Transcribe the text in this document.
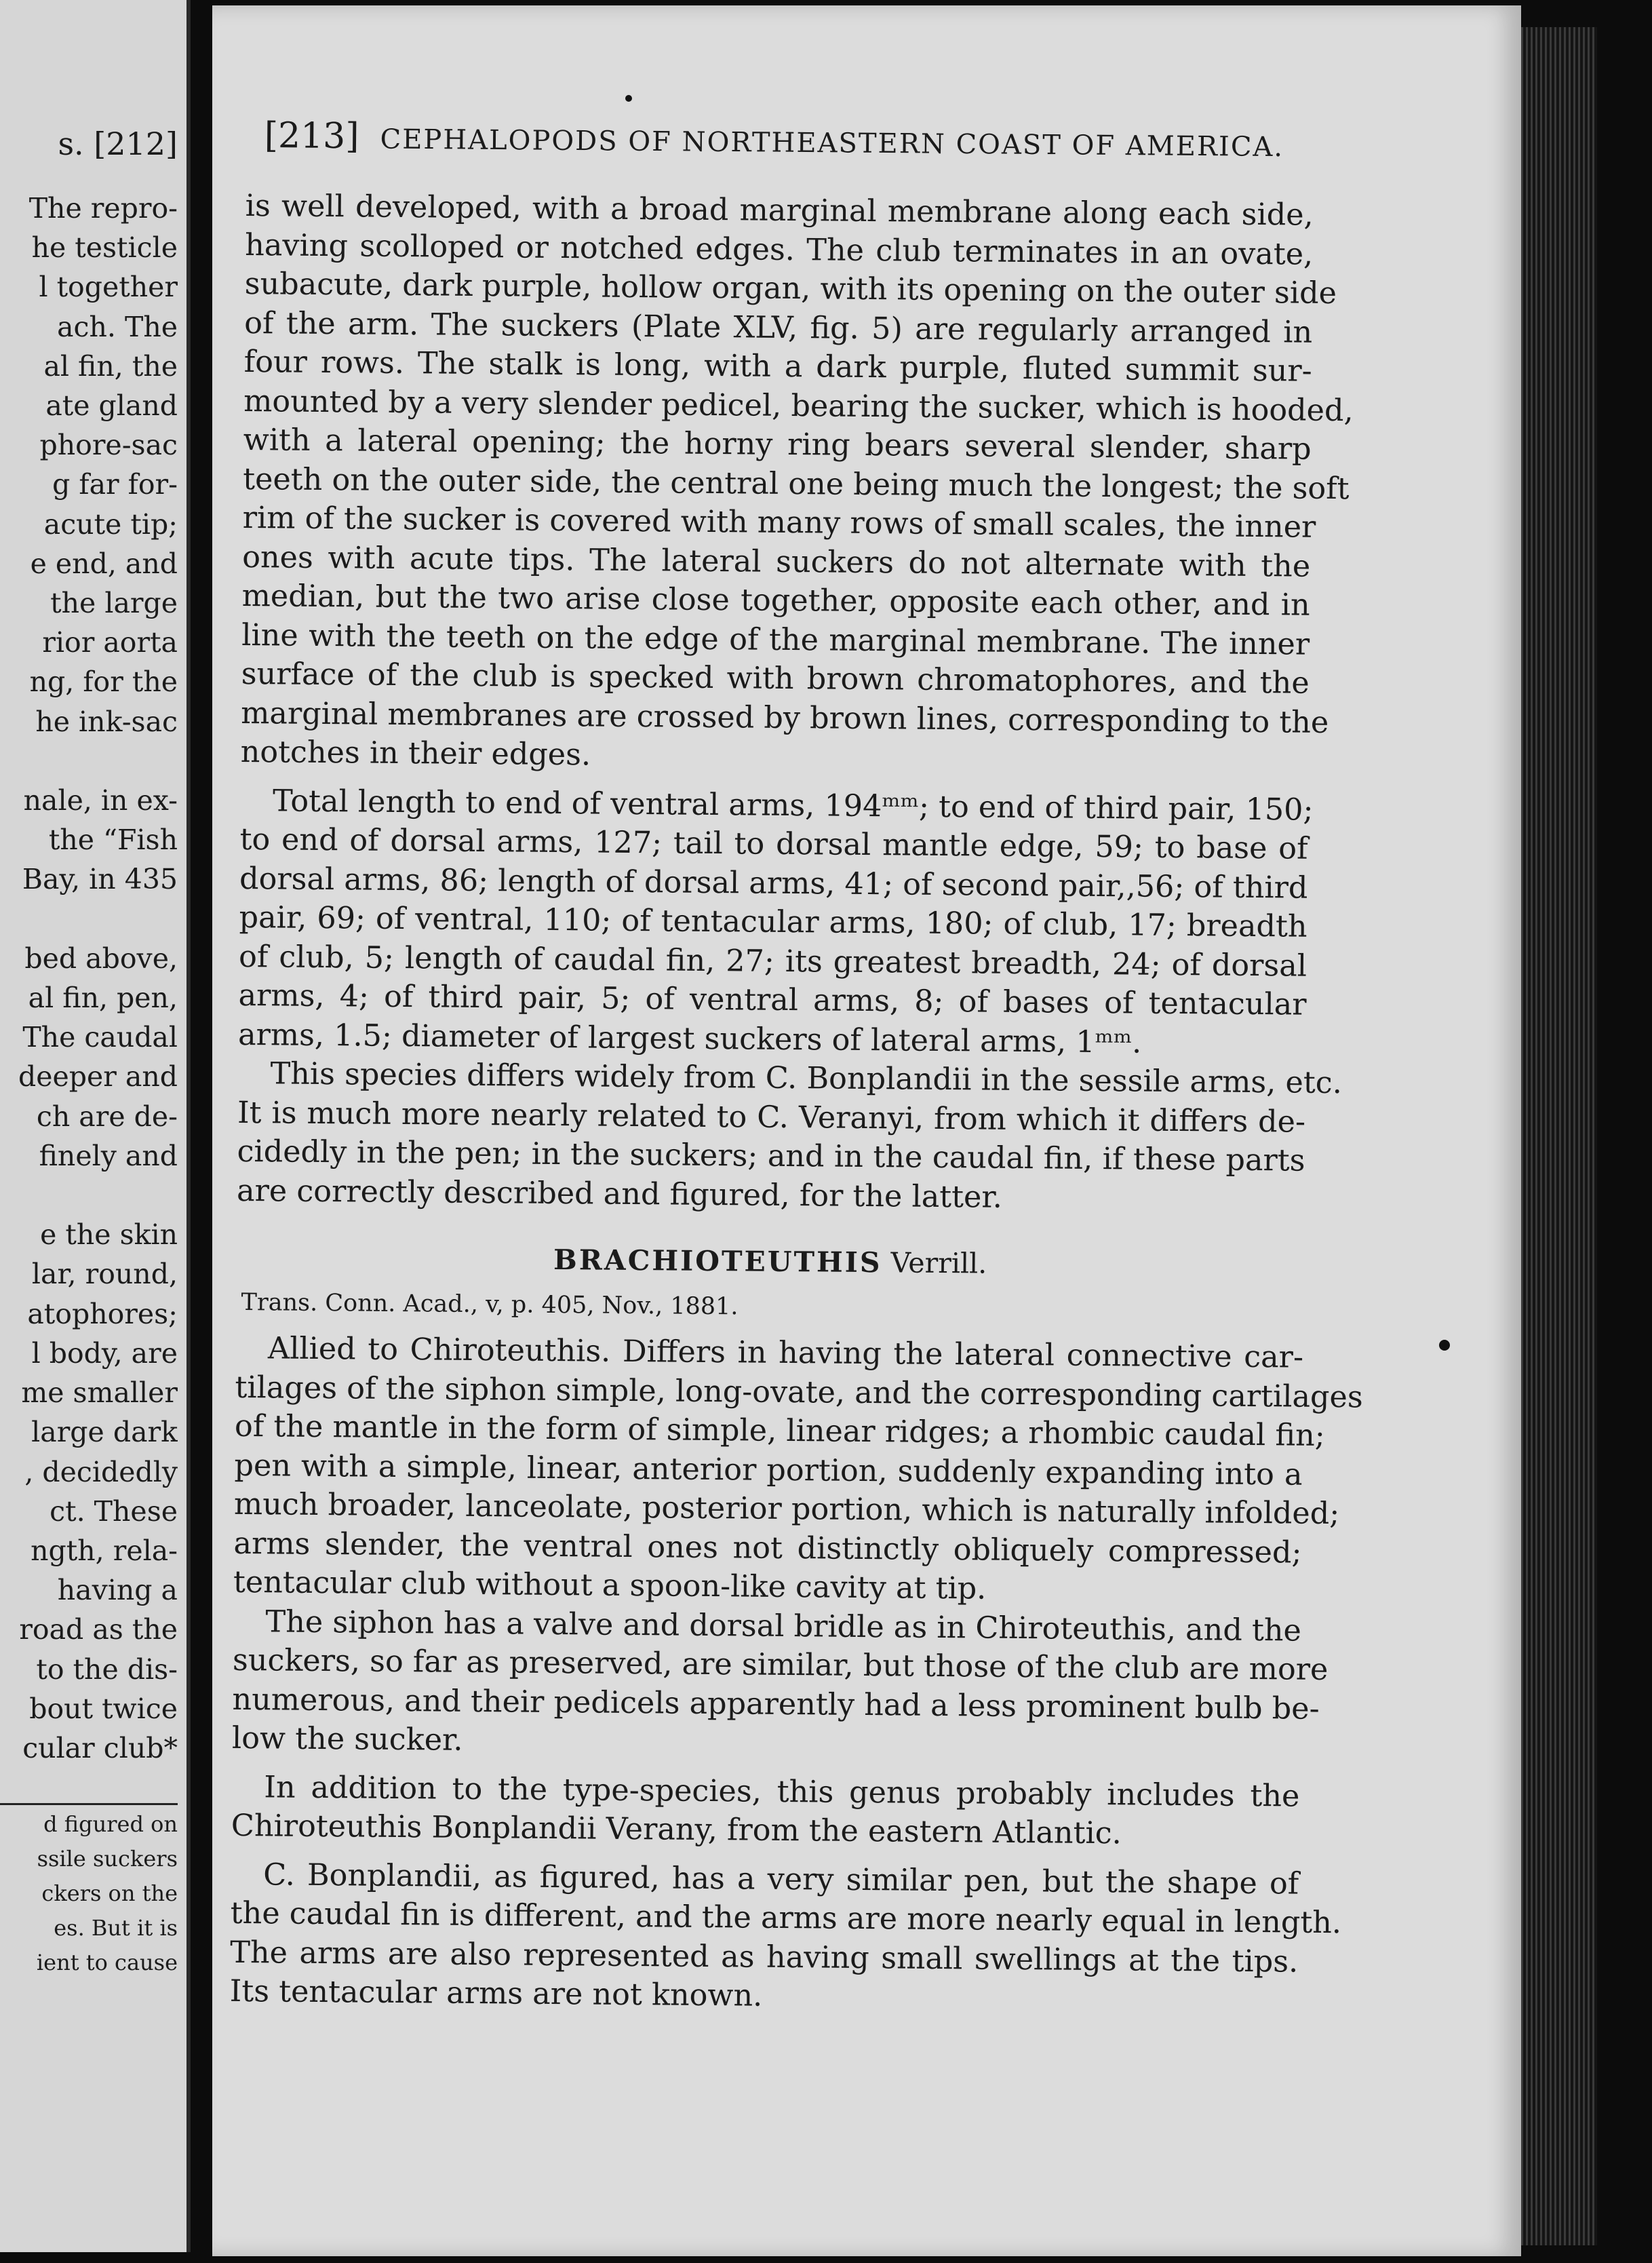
s. [212]
The repro-
he testicle
l together
ach. The
al fin, the
ate gland
phore-sac
g far for-
acute tip;
e end, and
the large
rior aorta
ng, for the
he ink-sac

nale, in ex-
the “Fish
Bay, in 435

bed above,
al fin, pen,
The caudal
deeper and
ch are de-
finely and

e the skin
lar, round,
atophores;
l body, are
me smaller
large dark
, decidedly
ct. These
ngth, rela-
having a
road as the
to the dis-
bout twice
cular club*
d figured on
ssile suckers
ckers on the
es. But it is
ient to cause
[213] CEPHALOPODS OF NORTHEASTERN COAST OF AMERICA.
is well developed, with a broad marginal membrane along each side,
having scolloped or notched edges. The club terminates in an ovate,
subacute, dark purple, hollow organ, with its opening on the outer side
of the arm. The suckers (Plate XLV, fig. 5) are regularly arranged in
four rows. The stalk is long, with a dark purple, fluted summit sur-
mounted by a very slender pedicel, bearing the sucker, which is hooded,
with a lateral opening; the horny ring bears several slender, sharp
teeth on the outer side, the central one being much the longest; the soft
rim of the sucker is covered with many rows of small scales, the inner
ones with acute tips. The lateral suckers do not alternate with the
median, but the two arise close together, opposite each other, and in
line with the teeth on the edge of the marginal membrane. The inner
surface of the club is specked with brown chromatophores, and the
marginal membranes are crossed by brown lines, corresponding to the
notches in their edges.
Total length to end of ventral arms, 194ᵐᵐ; to end of third pair, 150;
to end of dorsal arms, 127; tail to dorsal mantle edge, 59; to base of
dorsal arms, 86; length of dorsal arms, 41; of second pair,,56; of third
pair, 69; of ventral, 110; of tentacular arms, 180; of club, 17; breadth
of club, 5; length of caudal fin, 27; its greatest breadth, 24; of dorsal
arms, 4; of third pair, 5; of ventral arms, 8; of bases of tentacular
arms, 1.5; diameter of largest suckers of lateral arms, 1ᵐᵐ.
This species differs widely from C. Bonplandii in the sessile arms, etc.
It is much more nearly related to C. Veranyi, from which it differs de-
cidedly in the pen; in the suckers; and in the caudal fin, if these parts
are correctly described and figured, for the latter.
BRACHIOTEUTHIS Verrill.
Trans. Conn. Acad., v, p. 405, Nov., 1881.
Allied to Chiroteuthis. Differs in having the lateral connective car-
tilages of the siphon simple, long-ovate, and the corresponding cartilages
of the mantle in the form of simple, linear ridges; a rhombic caudal fin;
pen with a simple, linear, anterior portion, suddenly expanding into a
much broader, lanceolate, posterior portion, which is naturally infolded;
arms slender, the ventral ones not distinctly obliquely compressed;
tentacular club without a spoon-like cavity at tip.
The siphon has a valve and dorsal bridle as in Chiroteuthis, and the
suckers, so far as preserved, are similar, but those of the club are more
numerous, and their pedicels apparently had a less prominent bulb be-
low the sucker.
In addition to the type-species, this genus probably includes the
Chiroteuthis Bonplandii Verany, from the eastern Atlantic.
C. Bonplandii, as figured, has a very similar pen, but the shape of
the caudal fin is different, and the arms are more nearly equal in length.
The arms are also represented as having small swellings at the tips.
Its tentacular arms are not known.
